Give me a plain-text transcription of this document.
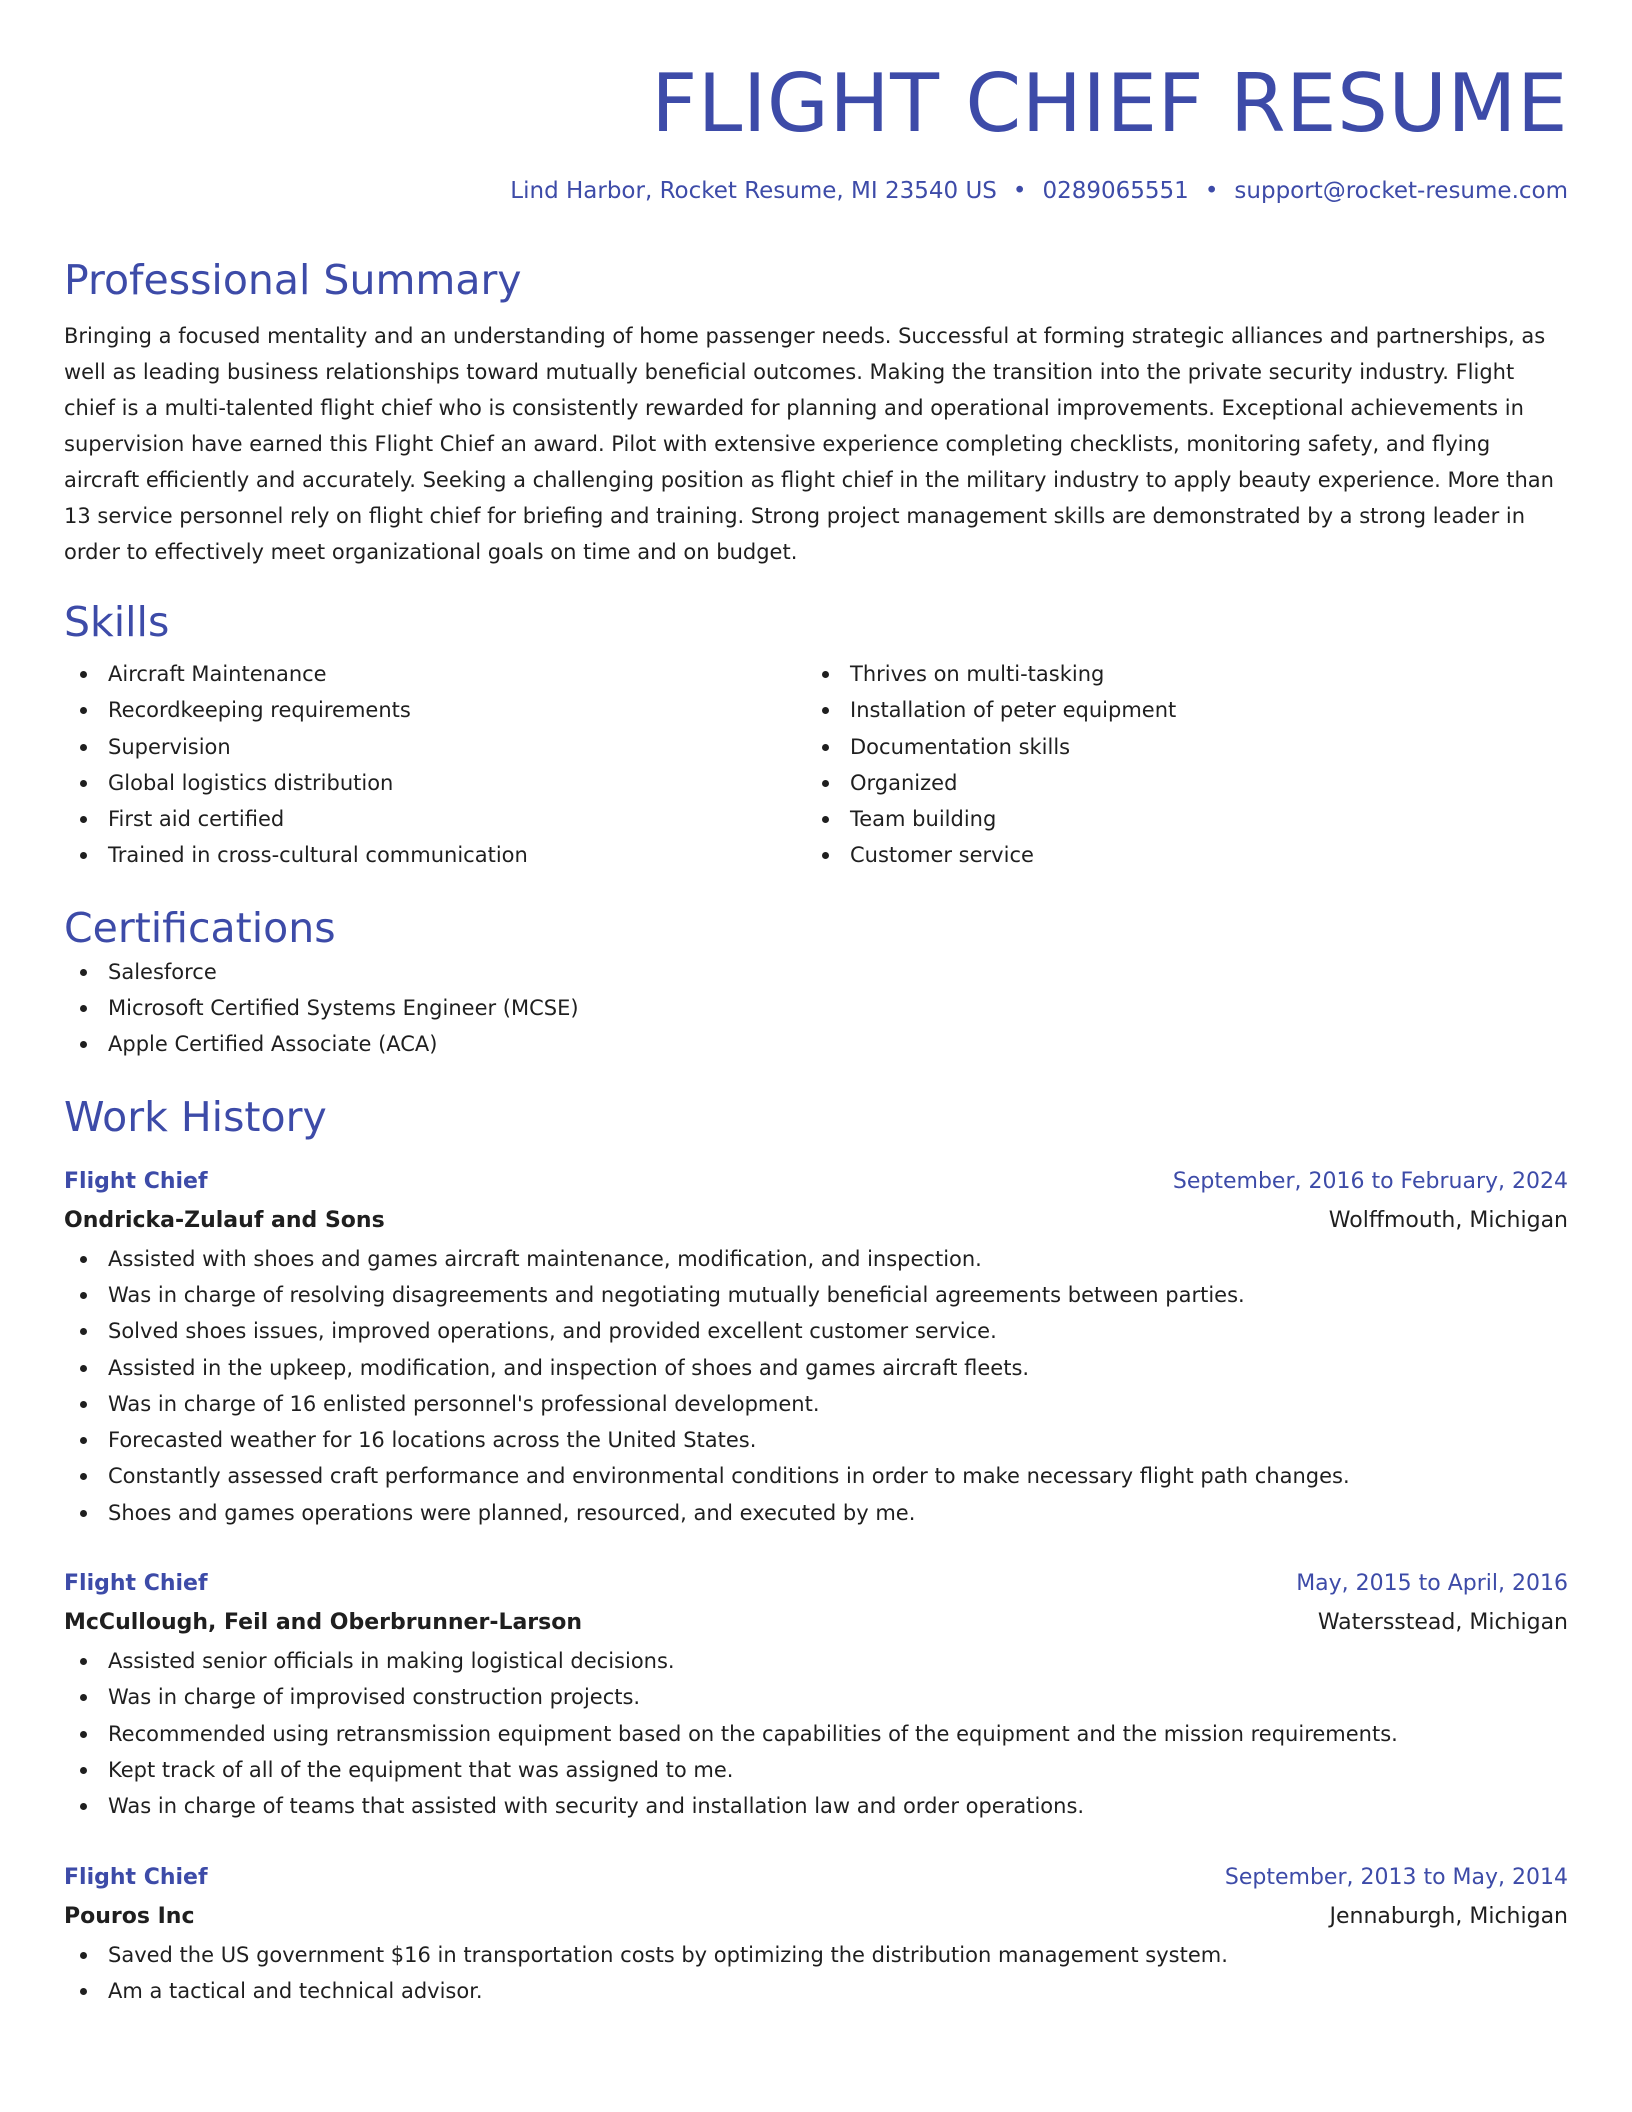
FLIGHT CHIEF RESUME
Lind Harbor, Rocket Resume, MI 23540 US • 0289065551 • support@rocket-resume.com
Professional Summary

Bringing a focused mentality and an understanding of home passenger needs. Successful at forming strategic alliances and partnerships, as well as leading business relationships toward mutually beneficial outcomes. Making the transition into the private security industry. Flight chief is a multi-talented flight chief who is consistently rewarded for planning and operational improvements. Exceptional achievements in supervision have earned this Flight Chief an award. Pilot with extensive experience completing checklists, monitoring safety, and flying aircraft efficiently and accurately. Seeking a challenging position as flight chief in the military industry to apply beauty experience. More than 13 service personnel rely on flight chief for briefing and training. Strong project management skills are demonstrated by a strong leader in order to effectively meet organizational goals on time and on budget.

Skills
Aircraft Maintenance
Recordkeeping requirements
Supervision
Global logistics distribution
First aid certified
Trained in cross-cultural communication
Thrives on multi-tasking
Installation of peter equipment
Documentation skills
Organized
Team building
Customer service
Certifications
Salesforce
Microsoft Certified Systems Engineer (MCSE)
Apple Certified Associate (ACA)
Work History
Flight Chief	September, 2016 to February, 2024
Ondricka-Zulauf and Sons	Wolffmouth, Michigan
Assisted with shoes and games aircraft maintenance, modification, and inspection.
Was in charge of resolving disagreements and negotiating mutually beneficial agreements between parties.
Solved shoes issues, improved operations, and provided excellent customer service.
Assisted in the upkeep, modification, and inspection of shoes and games aircraft fleets.
Was in charge of 16 enlisted personnel's professional development.
Forecasted weather for 16 locations across the United States.
Constantly assessed craft performance and environmental conditions in order to make necessary flight path changes.
Shoes and games operations were planned, resourced, and executed by me.
Flight Chief	May, 2015 to April, 2016
McCullough, Feil and Oberbrunner-Larson	Watersstead, Michigan
Assisted senior officials in making logistical decisions.
Was in charge of improvised construction projects.
Recommended using retransmission equipment based on the capabilities of the equipment and the mission requirements.
Kept track of all of the equipment that was assigned to me.
Was in charge of teams that assisted with security and installation law and order operations.
Flight Chief	September, 2013 to May, 2014
Pouros Inc	Jennaburgh, Michigan
Saved the US government $16 in transportation costs by optimizing the distribution management system.
Am a tactical and technical advisor.
